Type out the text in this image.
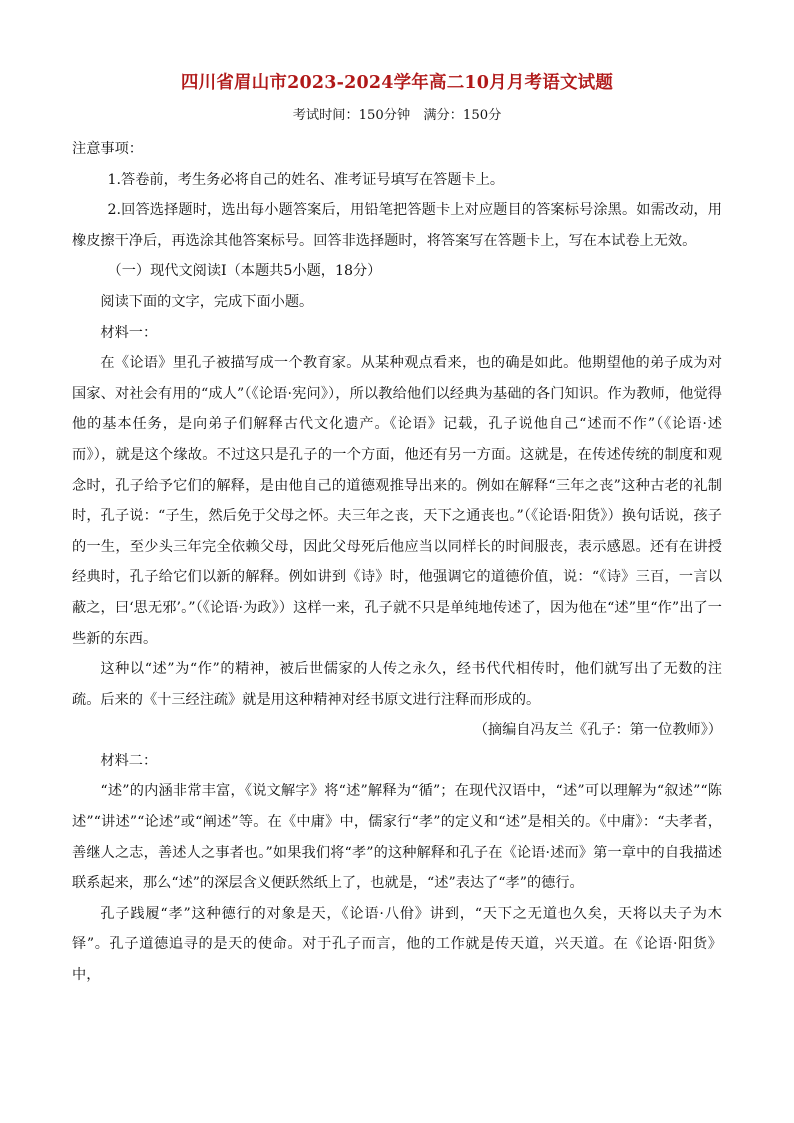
四川省眉山市2023-2024学年高二10月月考语文试题
考试时间：150分钟　满分：150分
注意事项：

1.答卷前，考生务必将自己的姓名、准考证号填写在答题卡上。

2.回答选择题时，选出每小题答案后，用铅笔把答题卡上对应题目的答案标号涂黑。如需改动，用橡皮擦干净后，再选涂其他答案标号。回答非选择题时，将答案写在答题卡上，写在本试卷上无效。

（一）现代文阅读Ⅰ（本题共5小题，18分）

阅读下面的文字，完成下面小题。

材料一：

在《论语》里孔子被描写成一个教育家。从某种观点看来，也的确是如此。他期望他的弟子成为对国家、对社会有用的“成人”（《论语·宪问》），所以教给他们以经典为基础的各门知识。作为教师，他觉得他的基本任务，是向弟子们解释古代文化遗产。《论语》记载，孔子说他自己“述而不作”（《论语·述而》），就是这个缘故。不过这只是孔子的一个方面，他还有另一方面。这就是，在传述传统的制度和观念时，孔子给予它们的解释，是由他自己的道德观推导出来的。例如在解释“三年之丧”这种古老的礼制时，孔子说：“子生，然后免于父母之怀。夫三年之丧，天下之通丧也。”（《论语·阳货》）换句话说，孩子的一生，至少头三年完全依赖父母，因此父母死后他应当以同样长的时间服丧，表示感恩。还有在讲授经典时，孔子给它们以新的解释。例如讲到《诗》时，他强调它的道德价值，说：“《诗》三百，一言以蔽之，曰‘思无邪’。”（《论语·为政》）这样一来，孔子就不只是单纯地传述了，因为他在“述”里“作”出了一些新的东西。

这种以“述”为“作”的精神，被后世儒家的人传之永久，经书代代相传时，他们就写出了无数的注疏。后来的《十三经注疏》就是用这种精神对经书原文进行注释而形成的。

（摘编自冯友兰《孔子：第一位教师》）

材料二：

“述”的内涵非常丰富，《说文解字》将“述”解释为“循”；在现代汉语中，“述”可以理解为“叙述”“陈述”“讲述”“论述”或“阐述”等。在《中庸》中，儒家行“孝”的定义和“述”是相关的。《中庸》：“夫孝者，善继人之志，善述人之事者也。”如果我们将“孝”的这种解释和孔子在《论语·述而》第一章中的自我描述联系起来，那么“述”的深层含义便跃然纸上了，也就是，“述”表达了“孝”的德行。

孔子践履“孝”这种德行的对象是天，《论语·八佾》讲到，“天下之无道也久矣，天将以夫子为木铎”。孔子道德追寻的是天的使命。对于孔子而言，他的工作就是传天道，兴天道。在《论语·阳货》中，
